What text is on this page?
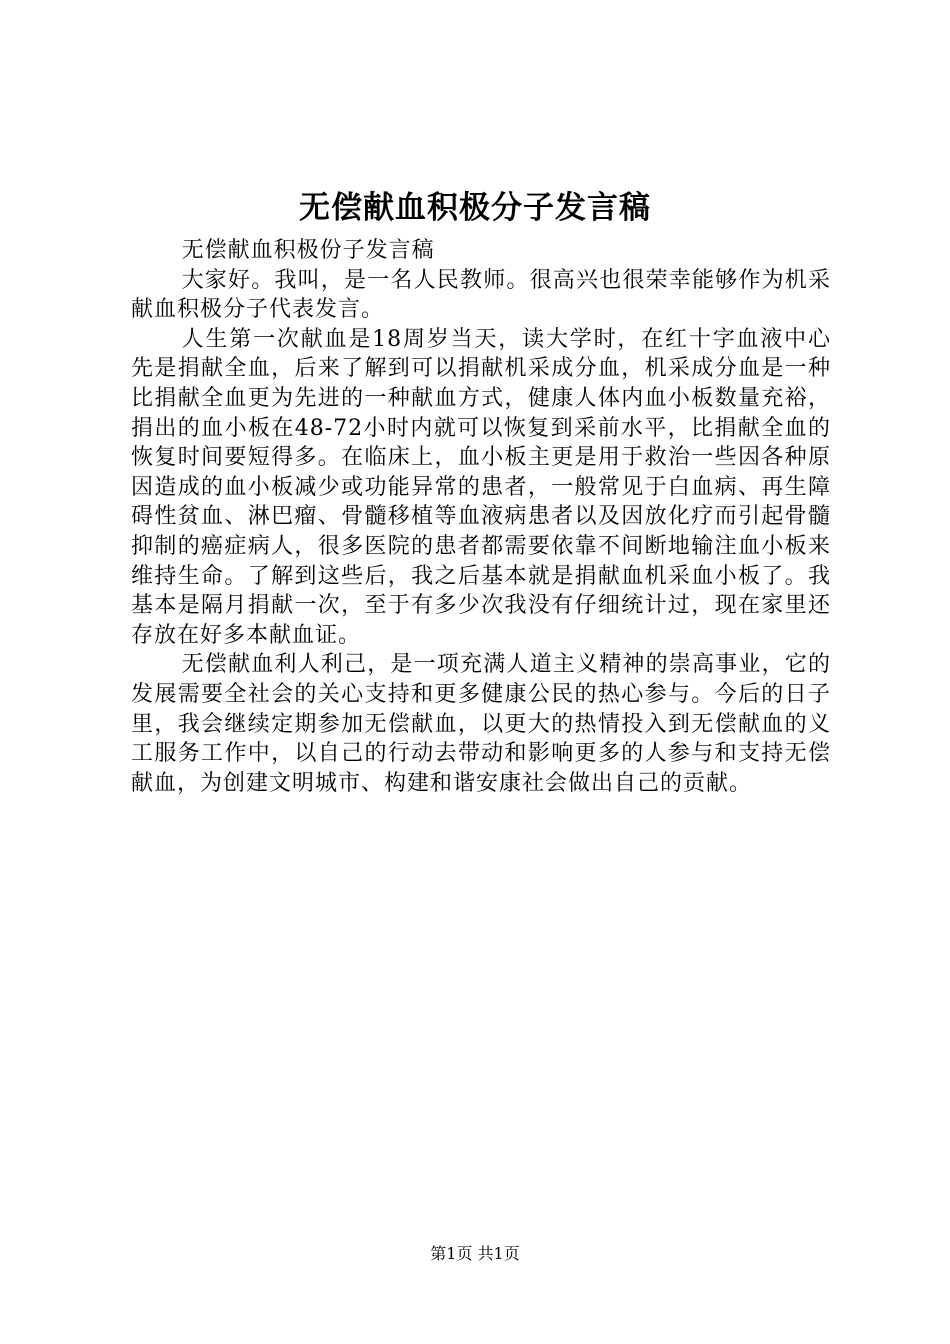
无偿献血积极分子发言稿

无偿献血积极份子发言稿

大家好。我叫，是一名人民教师。很高兴也很荣幸能够作为机采献血积极分子代表发言。

人生第一次献血是18周岁当天，读大学时，在红十字血液中心先是捐献全血，后来了解到可以捐献机采成分血，机采成分血是一种比捐献全血更为先进的一种献血方式，健康人体内血小板数量充裕，捐出的血小板在48-72小时内就可以恢复到采前水平，比捐献全血的恢复时间要短得多。在临床上，血小板主更是用于救治一些因各种原因造成的血小板减少或功能异常的患者，一般常见于白血病、再生障碍性贫血、淋巴瘤、骨髓移植等血液病患者以及因放化疗而引起骨髓抑制的癌症病人，很多医院的患者都需要依靠不间断地输注血小板来维持生命。了解到这些后，我之后基本就是捐献血机采血小板了。我基本是隔月捐献一次，至于有多少次我没有仔细统计过，现在家里还存放在好多本献血证。

无偿献血利人利己，是一项充满人道主义精神的崇高事业，它的发展需要全社会的关心支持和更多健康公民的热心参与。今后的日子里，我会继续定期参加无偿献血，以更大的热情投入到无偿献血的义工服务工作中，以自己的行动去带动和影响更多的人参与和支持无偿献血，为创建文明城市、构建和谐安康社会做出自己的贡献。

第1页 共1页
